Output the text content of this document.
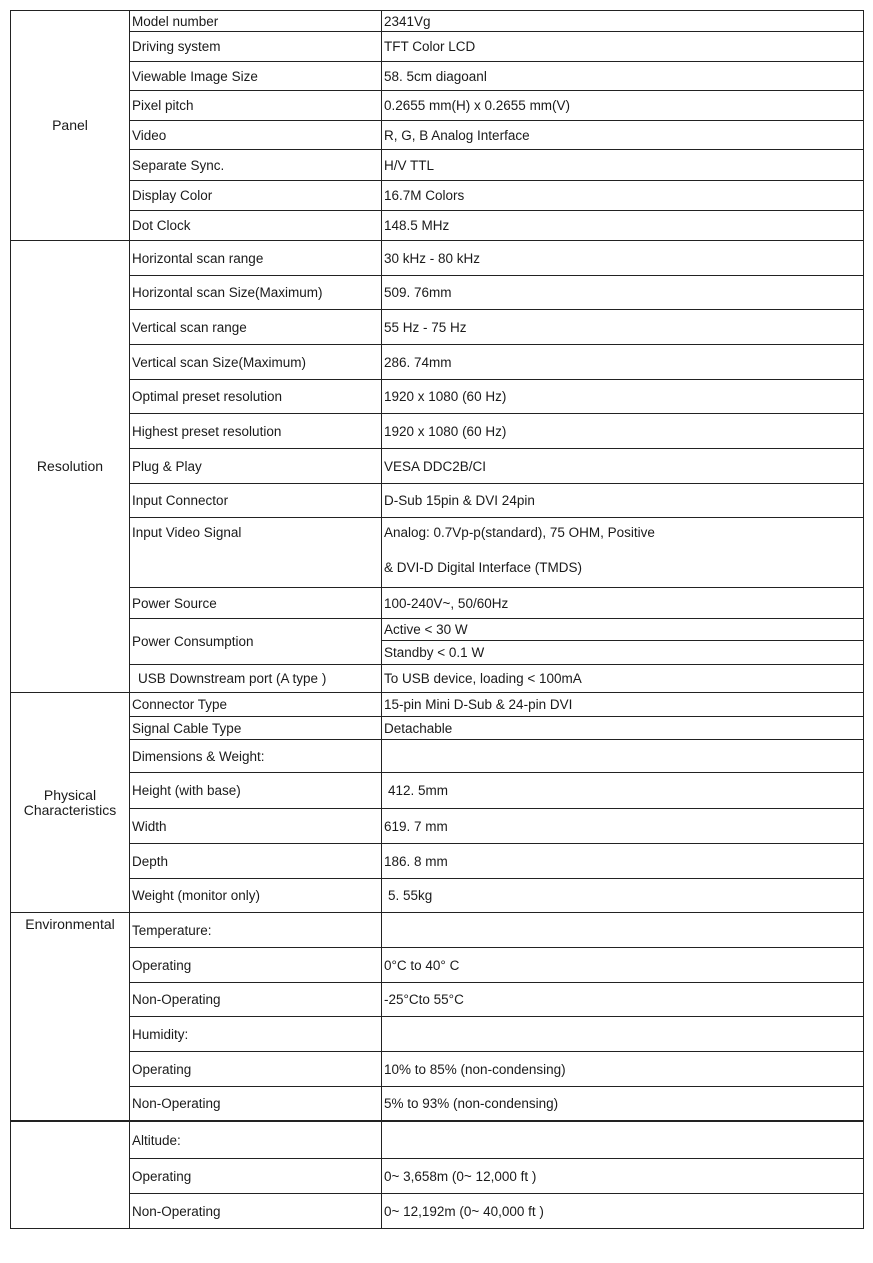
Panel	Model number	2341Vg
	Driving system	TFT Color LCD
	Viewable Image Size	58. 5cm diagoanl
	Pixel pitch	0.2655 mm(H) x 0.2655 mm(V)
	Video	R, G, B Analog Interface
	Separate Sync.	H/V TTL
	Display Color	16.7M Colors
	Dot Clock	148.5 MHz
Resolution	Horizontal scan range	30 kHz - 80 kHz
	Horizontal scan Size(Maximum)	509. 76mm
	Vertical scan range	55 Hz - 75 Hz
	Vertical scan Size(Maximum)	286. 74mm
	Optimal preset resolution	1920 x 1080 (60 Hz)
	Highest preset resolution	1920 x 1080 (60 Hz)
	Plug & Play	VESA DDC2B/CI
	Input Connector	D-Sub 15pin & DVI 24pin
	Input Video Signal	Analog: 0.7Vp-p(standard), 75 OHM, Positive
& DVI-D Digital Interface (TMDS)

	Power Source	100-240V~, 50/60Hz
	Power Consumption	Active < 30 W
		Standby < 0.1 W
	USB Downstream port (A type )	To USB device, loading < 100mA
Physical Characteristics	Connector Type	15-pin Mini D-Sub & 24-pin DVI
	Signal Cable Type	Detachable
	Dimensions & Weight:	
	Height (with base)	412. 5mm
	Width	619. 7 mm
	Depth	186. 8 mm
	Weight (monitor only)	5. 55kg
Environmental	Temperature:	
	Operating	0°C to 40° C
	Non-Operating	-25°Cto 55°C
	Humidity:	
	Operating	10% to 85% (non-condensing)
	Non-Operating	5% to 93% (non-condensing)
	Altitude:	
	Operating	0~ 3,658m (0~ 12,000 ft )
	Non-Operating	0~ 12,192m (0~ 40,000 ft )
